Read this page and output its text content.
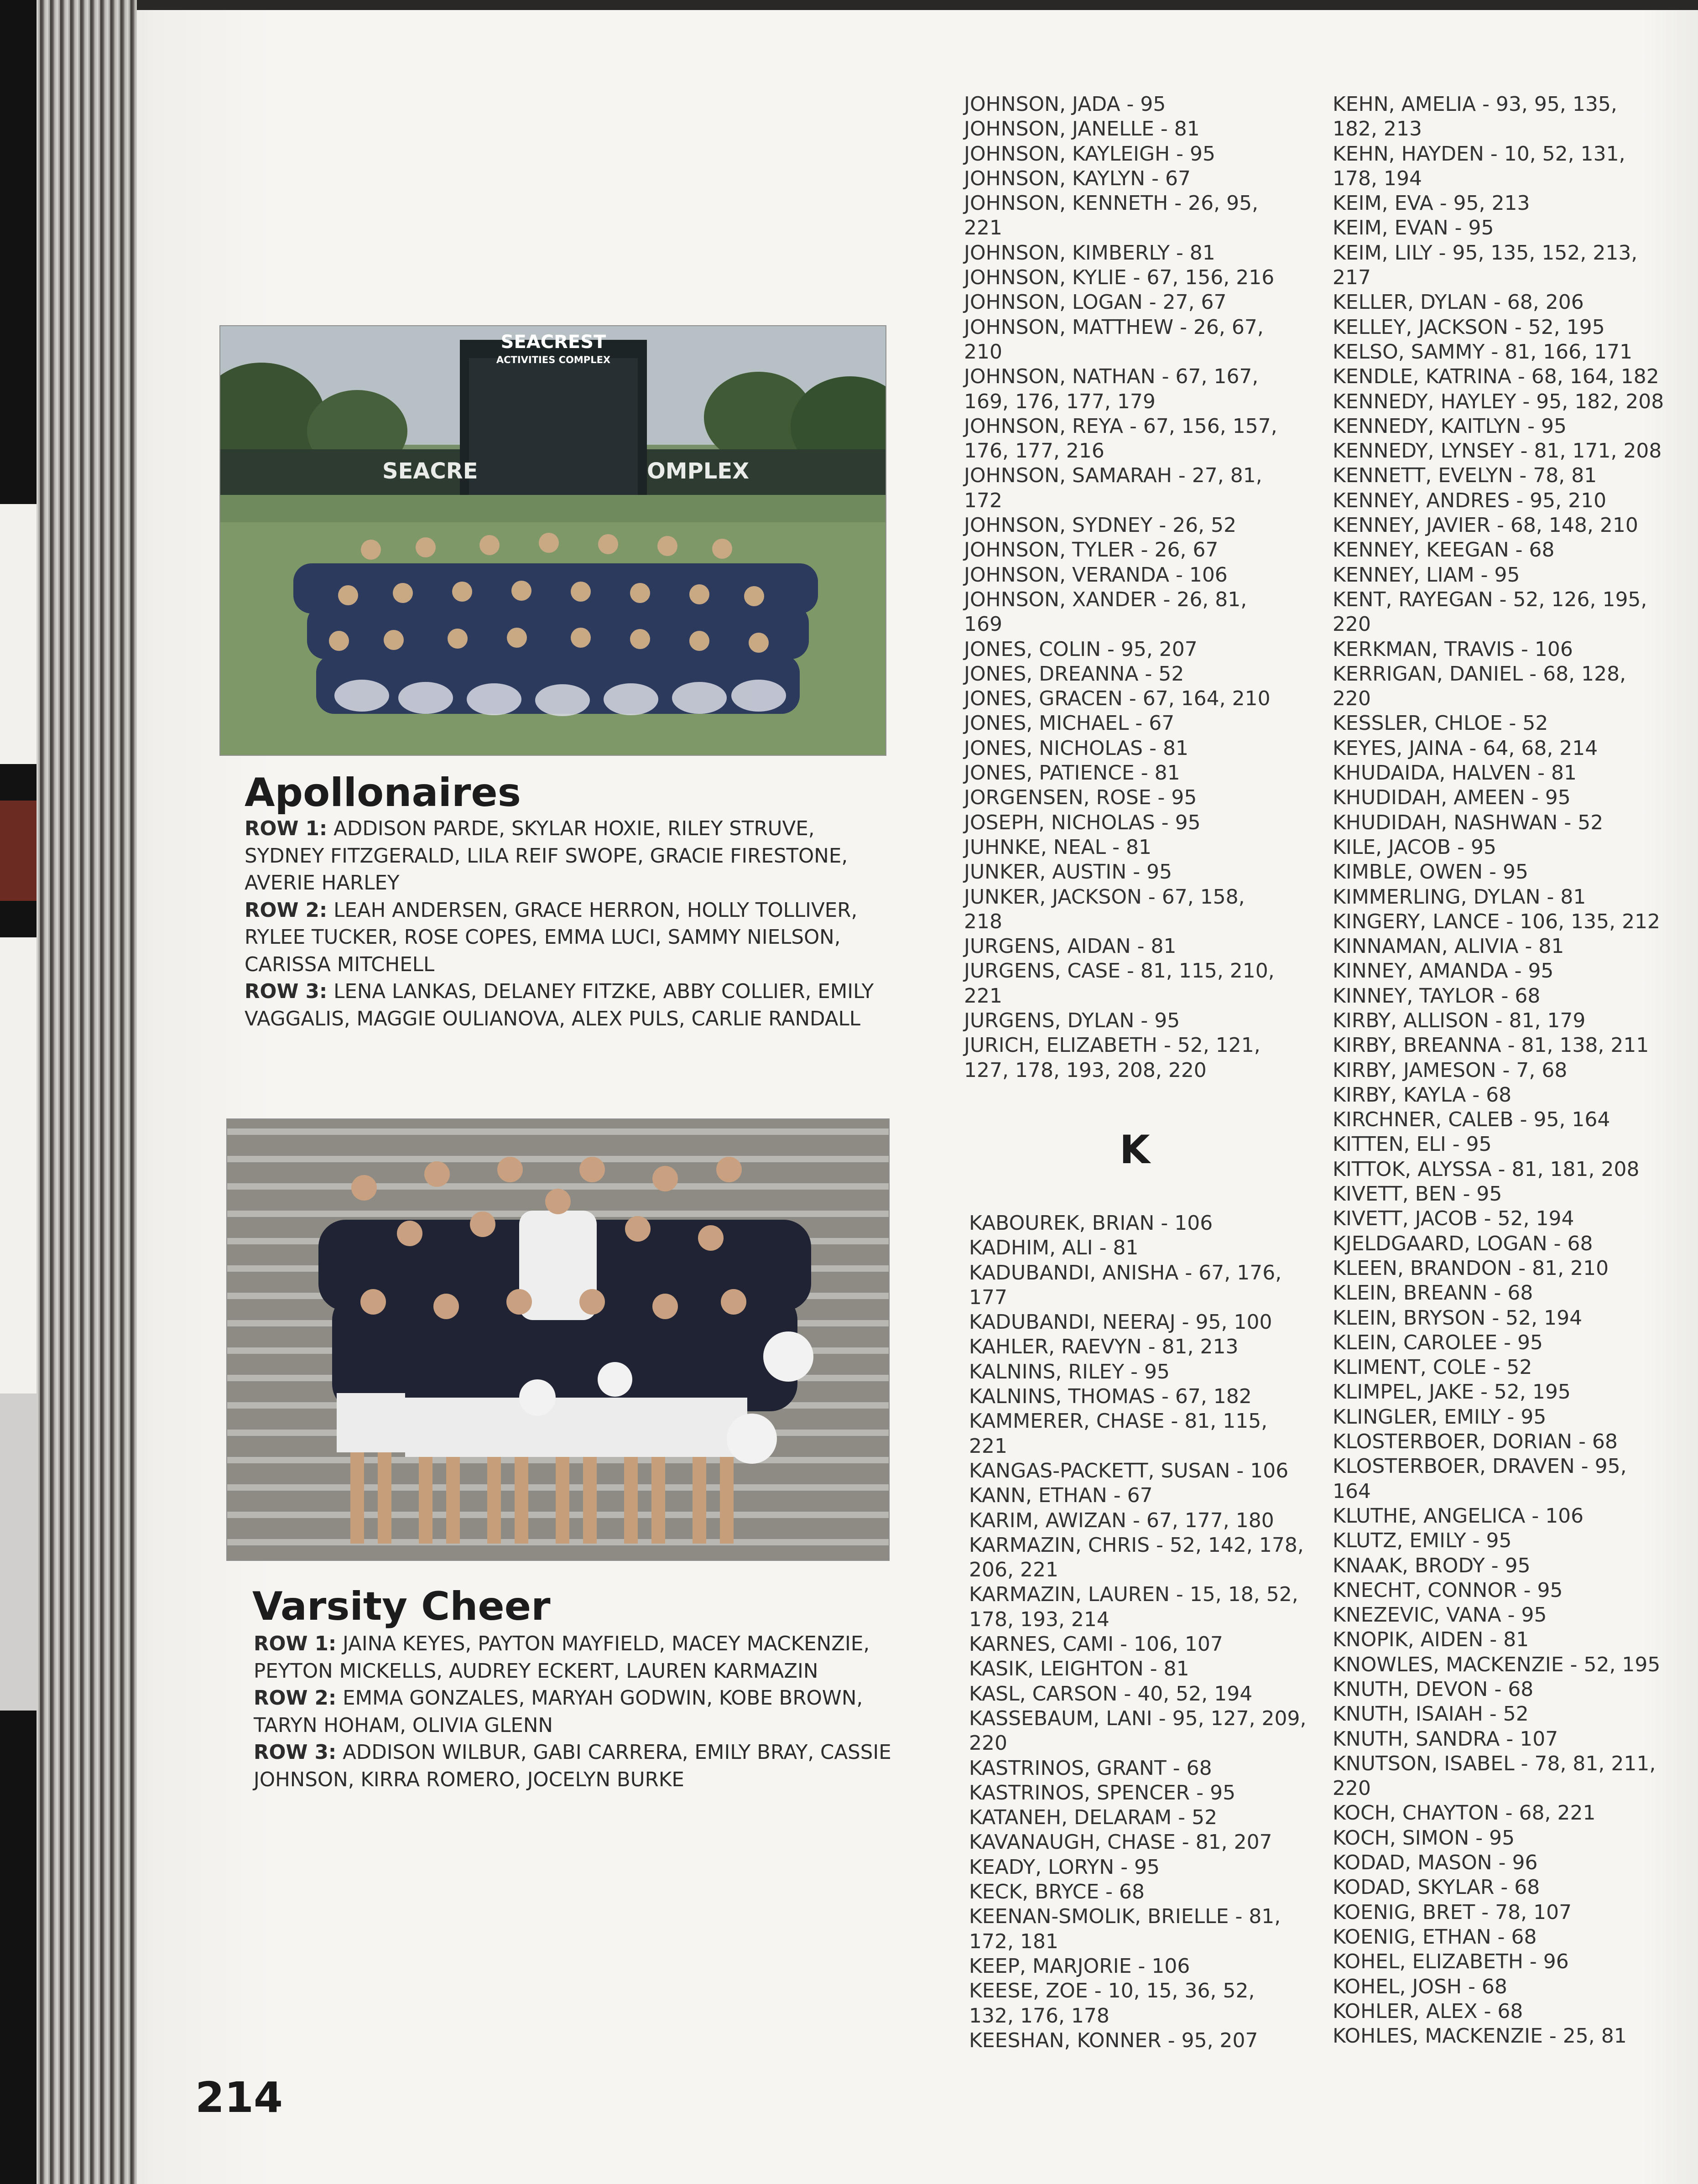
SEACREST
ACTIVITIES COMPLEX
SEACRE	OMPLEX
Apollonaires
ROW 1: ADDISON PARDE, SKYLAR HOXIE, RILEY STRUVE, SYDNEY FITZGERALD, LILA REIF SWOPE, GRACIE FIRESTONE, AVERIE HARLEY
ROW 2: LEAH ANDERSEN, GRACE HERRON, HOLLY TOLLIVER, RYLEE TUCKER, ROSE COPES, EMMA LUCI, SAMMY NIELSON, CARISSA MITCHELL
ROW 3: LENA LANKAS, DELANEY FITZKE, ABBY COLLIER, EMILY VAGGALIS, MAGGIE OULIANOVA, ALEX PULS, CARLIE RANDALL
Varsity Cheer
ROW 1: JAINA KEYES, PAYTON MAYFIELD, MACEY MACKENZIE, PEYTON MICKELLS, AUDREY ECKERT, LAUREN KARMAZIN
ROW 2: EMMA GONZALES, MARYAH GODWIN, KOBE BROWN, TARYN HOHAM, OLIVIA GLENN
ROW 3: ADDISON WILBUR, GABI CARRERA, EMILY BRAY, CASSIE JOHNSON, KIRRA ROMERO, JOCELYN BURKE
JOHNSON, JADA - 95
JOHNSON, JANELLE - 81
JOHNSON, KAYLEIGH - 95
JOHNSON, KAYLYN - 67
JOHNSON, KENNETH - 26, 95,
221
JOHNSON, KIMBERLY - 81
JOHNSON, KYLIE - 67, 156, 216
JOHNSON, LOGAN - 27, 67
JOHNSON, MATTHEW - 26, 67,
210
JOHNSON, NATHAN - 67, 167,
169, 176, 177, 179
JOHNSON, REYA - 67, 156, 157,
176, 177, 216
JOHNSON, SAMARAH - 27, 81,
172
JOHNSON, SYDNEY - 26, 52
JOHNSON, TYLER - 26, 67
JOHNSON, VERANDA - 106
JOHNSON, XANDER - 26, 81,
169
JONES, COLIN - 95, 207
JONES, DREANNA - 52
JONES, GRACEN - 67, 164, 210
JONES, MICHAEL - 67
JONES, NICHOLAS - 81
JONES, PATIENCE - 81
JORGENSEN, ROSE - 95
JOSEPH, NICHOLAS - 95
JUHNKE, NEAL - 81
JUNKER, AUSTIN - 95
JUNKER, JACKSON - 67, 158,
218
JURGENS, AIDAN - 81
JURGENS, CASE - 81, 115, 210,
221
JURGENS, DYLAN - 95
JURICH, ELIZABETH - 52, 121,
127, 178, 193, 208, 220
K
KABOUREK, BRIAN - 106
KADHIM, ALI - 81
KADUBANDI, ANISHA - 67, 176,
177
KADUBANDI, NEERAJ - 95, 100
KAHLER, RAEVYN - 81, 213
KALNINS, RILEY - 95
KALNINS, THOMAS - 67, 182
KAMMERER, CHASE - 81, 115,
221
KANGAS-PACKETT, SUSAN - 106
KANN, ETHAN - 67
KARIM, AWIZAN - 67, 177, 180
KARMAZIN, CHRIS - 52, 142, 178,
206, 221
KARMAZIN, LAUREN - 15, 18, 52,
178, 193, 214
KARNES, CAMI - 106, 107
KASIK, LEIGHTON - 81
KASL, CARSON - 40, 52, 194
KASSEBAUM, LANI - 95, 127, 209,
220
KASTRINOS, GRANT - 68
KASTRINOS, SPENCER - 95
KATANEH, DELARAM - 52
KAVANAUGH, CHASE - 81, 207
KEADY, LORYN - 95
KECK, BRYCE - 68
KEENAN-SMOLIK, BRIELLE - 81,
172, 181
KEEP, MARJORIE - 106
KEESE, ZOE - 10, 15, 36, 52,
132, 176, 178
KEESHAN, KONNER - 95, 207
KEHN, AMELIA - 93, 95, 135,
182, 213
KEHN, HAYDEN - 10, 52, 131,
178, 194
KEIM, EVA - 95, 213
KEIM, EVAN - 95
KEIM, LILY - 95, 135, 152, 213,
217
KELLER, DYLAN - 68, 206
KELLEY, JACKSON - 52, 195
KELSO, SAMMY - 81, 166, 171
KENDLE, KATRINA - 68, 164, 182
KENNEDY, HAYLEY - 95, 182, 208
KENNEDY, KAITLYN - 95
KENNEDY, LYNSEY - 81, 171, 208
KENNETT, EVELYN - 78, 81
KENNEY, ANDRES - 95, 210
KENNEY, JAVIER - 68, 148, 210
KENNEY, KEEGAN - 68
KENNEY, LIAM - 95
KENT, RAYEGAN - 52, 126, 195,
220
KERKMAN, TRAVIS - 106
KERRIGAN, DANIEL - 68, 128,
220
KESSLER, CHLOE - 52
KEYES, JAINA - 64, 68, 214
KHUDAIDA, HALVEN - 81
KHUDIDAH, AMEEN - 95
KHUDIDAH, NASHWAN - 52
KILE, JACOB - 95
KIMBLE, OWEN - 95
KIMMERLING, DYLAN - 81
KINGERY, LANCE - 106, 135, 212
KINNAMAN, ALIVIA - 81
KINNEY, AMANDA - 95
KINNEY, TAYLOR - 68
KIRBY, ALLISON - 81, 179
KIRBY, BREANNA - 81, 138, 211
KIRBY, JAMESON - 7, 68
KIRBY, KAYLA - 68
KIRCHNER, CALEB - 95, 164
KITTEN, ELI - 95
KITTOK, ALYSSA - 81, 181, 208
KIVETT, BEN - 95
KIVETT, JACOB - 52, 194
KJELDGAARD, LOGAN - 68
KLEEN, BRANDON - 81, 210
KLEIN, BREANN - 68
KLEIN, BRYSON - 52, 194
KLEIN, CAROLEE - 95
KLIMENT, COLE - 52
KLIMPEL, JAKE - 52, 195
KLINGLER, EMILY - 95
KLOSTERBOER, DORIAN - 68
KLOSTERBOER, DRAVEN - 95,
164
KLUTHE, ANGELICA - 106
KLUTZ, EMILY - 95
KNAAK, BRODY - 95
KNECHT, CONNOR - 95
KNEZEVIC, VANA - 95
KNOPIK, AIDEN - 81
KNOWLES, MACKENZIE - 52, 195
KNUTH, DEVON - 68
KNUTH, ISAIAH - 52
KNUTH, SANDRA - 107
KNUTSON, ISABEL - 78, 81, 211,
220
KOCH, CHAYTON - 68, 221
KOCH, SIMON - 95
KODAD, MASON - 96
KODAD, SKYLAR - 68
KOENIG, BRET - 78, 107
KOENIG, ETHAN - 68
KOHEL, ELIZABETH - 96
KOHEL, JOSH - 68
KOHLER, ALEX - 68
KOHLES, MACKENZIE - 25, 81
214
